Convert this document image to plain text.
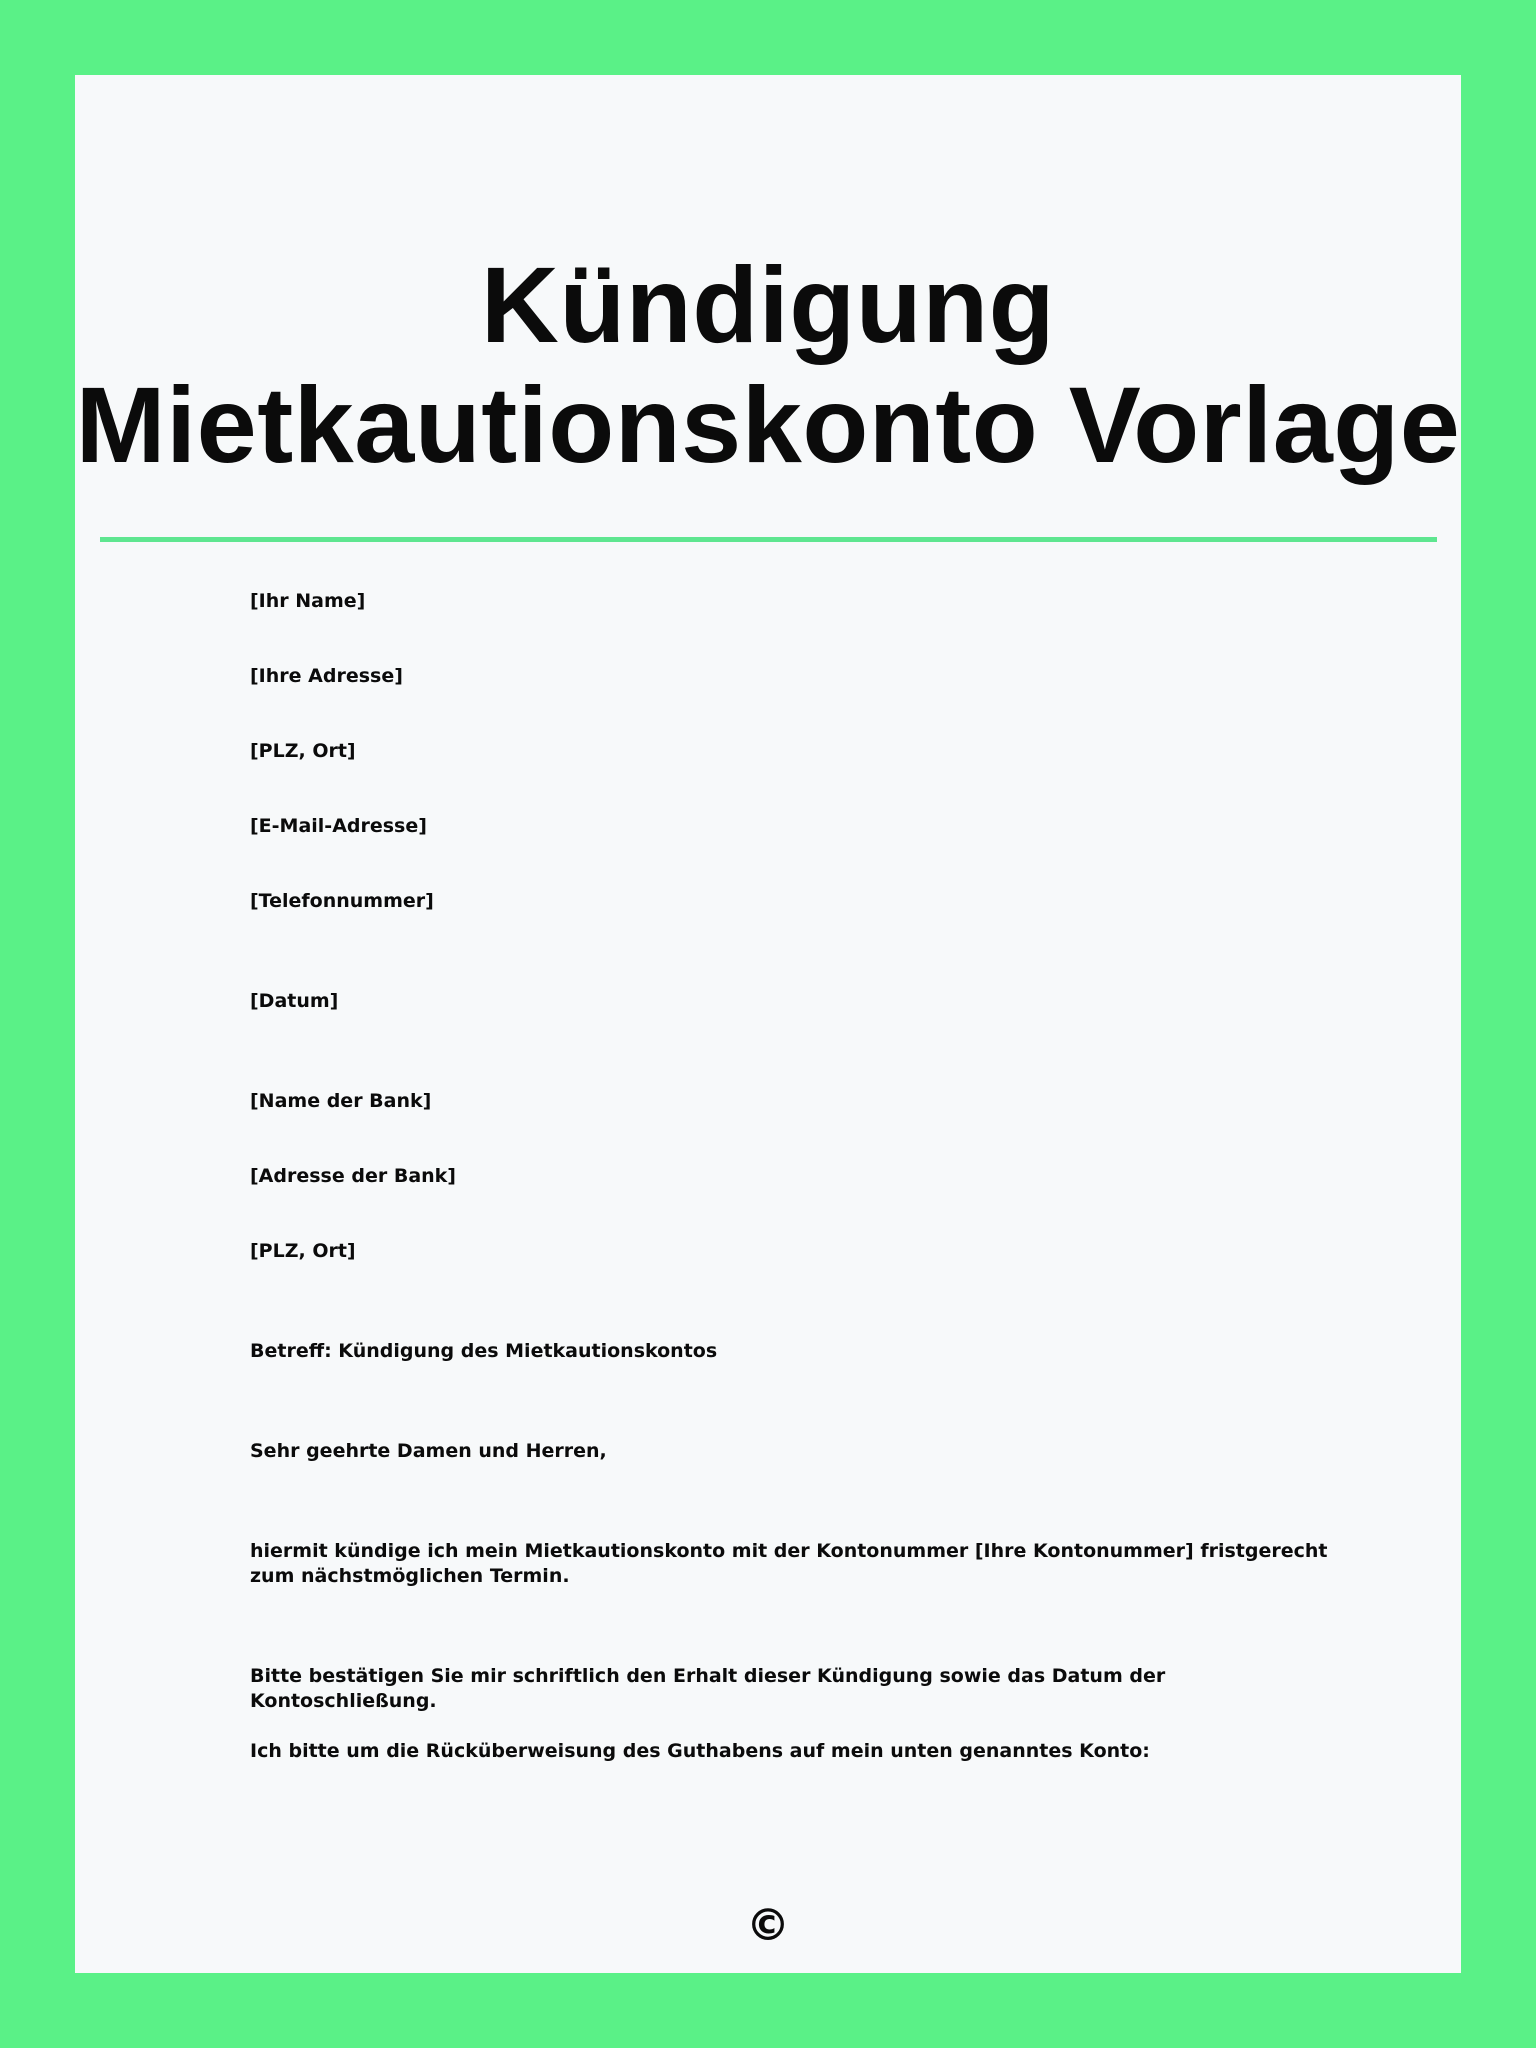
Kündigung
Mietkautionskonto Vorlage
[Ihr Name]
[Ihre Adresse]
[PLZ, Ort]
[E-Mail-Adresse]
[Telefonnummer]
[Datum]
[Name der Bank]
[Adresse der Bank]
[PLZ, Ort]
Betreff: Kündigung des Mietkautionskontos
Sehr geehrte Damen und Herren,
hiermit kündige ich mein Mietkautionskonto mit der Kontonummer [Ihre Kontonummer] fristgerecht zum nächstmöglichen Termin.
Bitte bestätigen Sie mir schriftlich den Erhalt dieser Kündigung sowie das Datum der Kontoschließung.
Ich bitte um die Rücküberweisung des Guthabens auf mein unten genanntes Konto:
©
